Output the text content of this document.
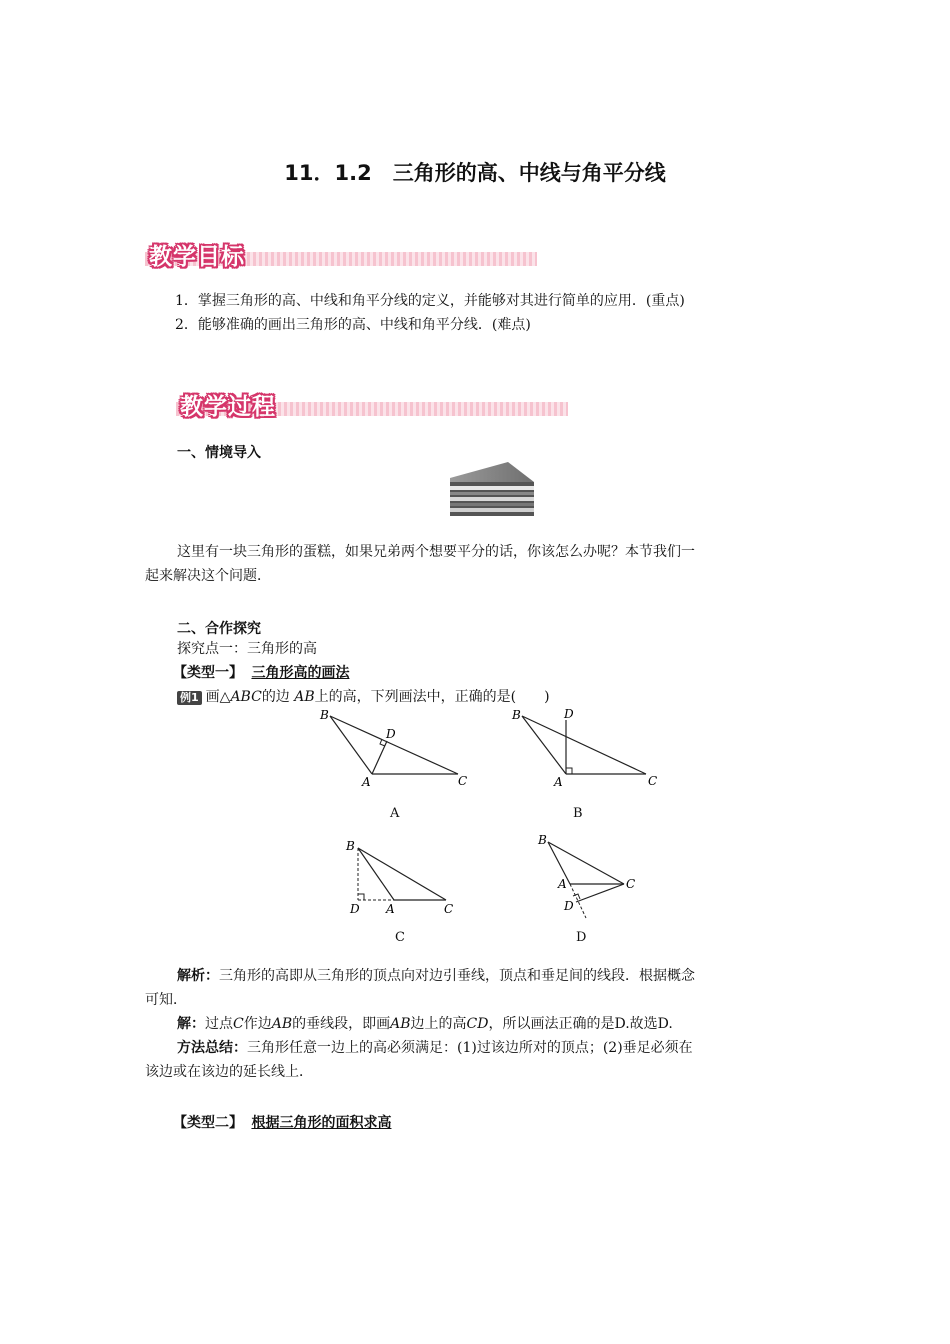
11．1.2　三角形的高、中线与角平分线
教学目标
1．掌握三角形的高、中线和角平分线的定义，并能够对其进行简单的应用．(重点)
2．能够准确的画出三角形的高、中线和角平分线．(难点)
教学过程
一、情境导入
这里有一块三角形的蛋糕，如果兄弟两个想要平分的话，你该怎么办呢？本节我们一
起来解决这个问题．
二、合作探究
探究点一：三角形的高
【类型一】 三角形高的画法
例1 画△ABC的边 AB上的高，下列画法中，正确的是(　　)
B
D
A	C
A
B	D
A	C
B
B
D A	C
C
B
A	C
D
D
解析：三角形的高即从三角形的顶点向对边引垂线，顶点和垂足间的线段．根据概念
可知．
解：过点C作边AB的垂线段，即画AB边上的高CD，所以画法正确的是D.故选D.
方法总结：三角形任意一边上的高必须满足：(1)过该边所对的顶点；(2)垂足必须在
该边或在该边的延长线上．
【类型二】 根据三角形的面积求高
